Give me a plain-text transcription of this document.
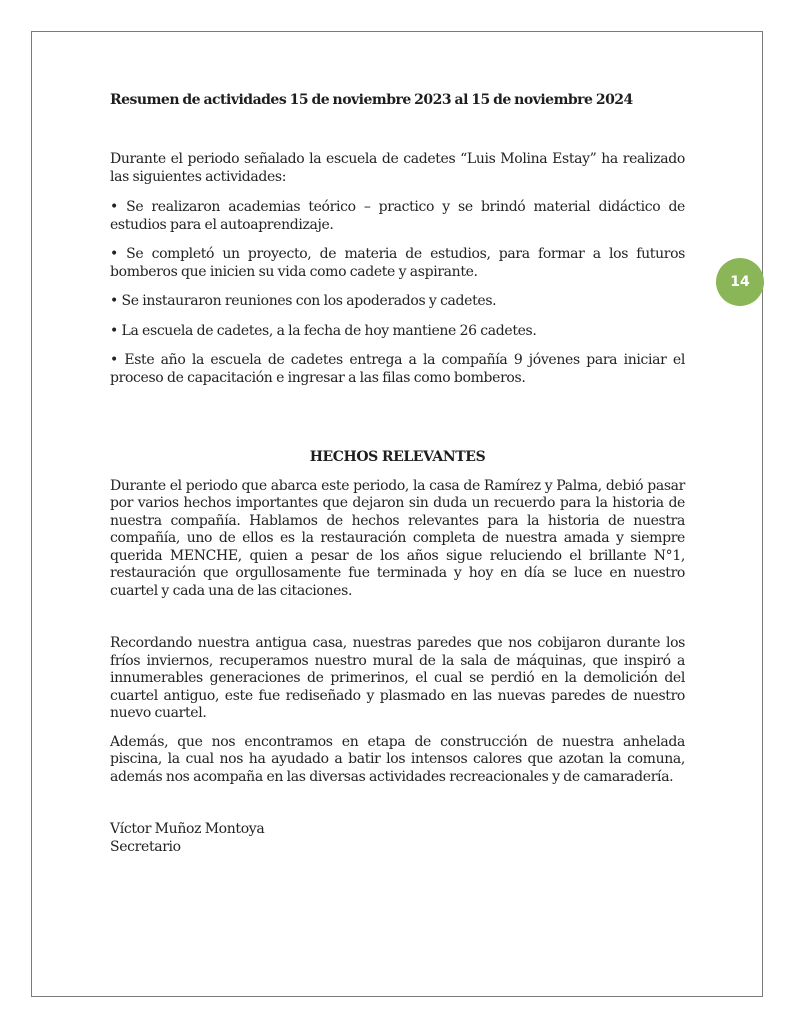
14
Resumen de actividades 15 de noviembre 2023 al 15 de noviembre 2024

Durante el periodo señalado la escuela de cadetes “Luis Molina Estay” ha realizado las siguientes actividades:

• Se realizaron academias teórico – practico y se brindó material didáctico de estudios para el autoaprendizaje.

• Se completó un proyecto, de materia de estudios, para formar a los futuros bomberos que inicien su vida como cadete y aspirante.

• Se instauraron reuniones con los apoderados y cadetes.

• La escuela de cadetes, a la fecha de hoy mantiene 26 cadetes.

• Este año la escuela de cadetes entrega a la compañía 9 jóvenes para iniciar el proceso de capacitación e ingresar a las filas como bomberos.

HECHOS RELEVANTES

Durante el periodo que abarca este periodo, la casa de Ramírez y Palma, debió pasar por varios hechos importantes que dejaron sin duda un recuerdo para la historia de nuestra compañía. Hablamos de hechos relevantes para la historia de nuestra compañía, uno de ellos es la restauración completa de nuestra amada y siempre querida MENCHE, quien a pesar de los años sigue reluciendo el brillante N°1, restauración que orgullosamente fue terminada y hoy en día se luce en nuestro cuartel y cada una de las citaciones.

Recordando nuestra antigua casa, nuestras paredes que nos cobijaron durante los fríos inviernos, recuperamos nuestro mural de la sala de máquinas, que inspiró a innumerables generaciones de primerinos, el cual se perdió en la demolición del cuartel antiguo, este fue rediseñado y plasmado en las nuevas paredes de nuestro nuevo cuartel.

Además, que nos encontramos en etapa de construcción de nuestra anhelada piscina, la cual nos ha ayudado a batir los intensos calores que azotan la comuna, además nos acompaña en las diversas actividades recreacionales y de camaradería.

Víctor Muñoz Montoya
Secretario
